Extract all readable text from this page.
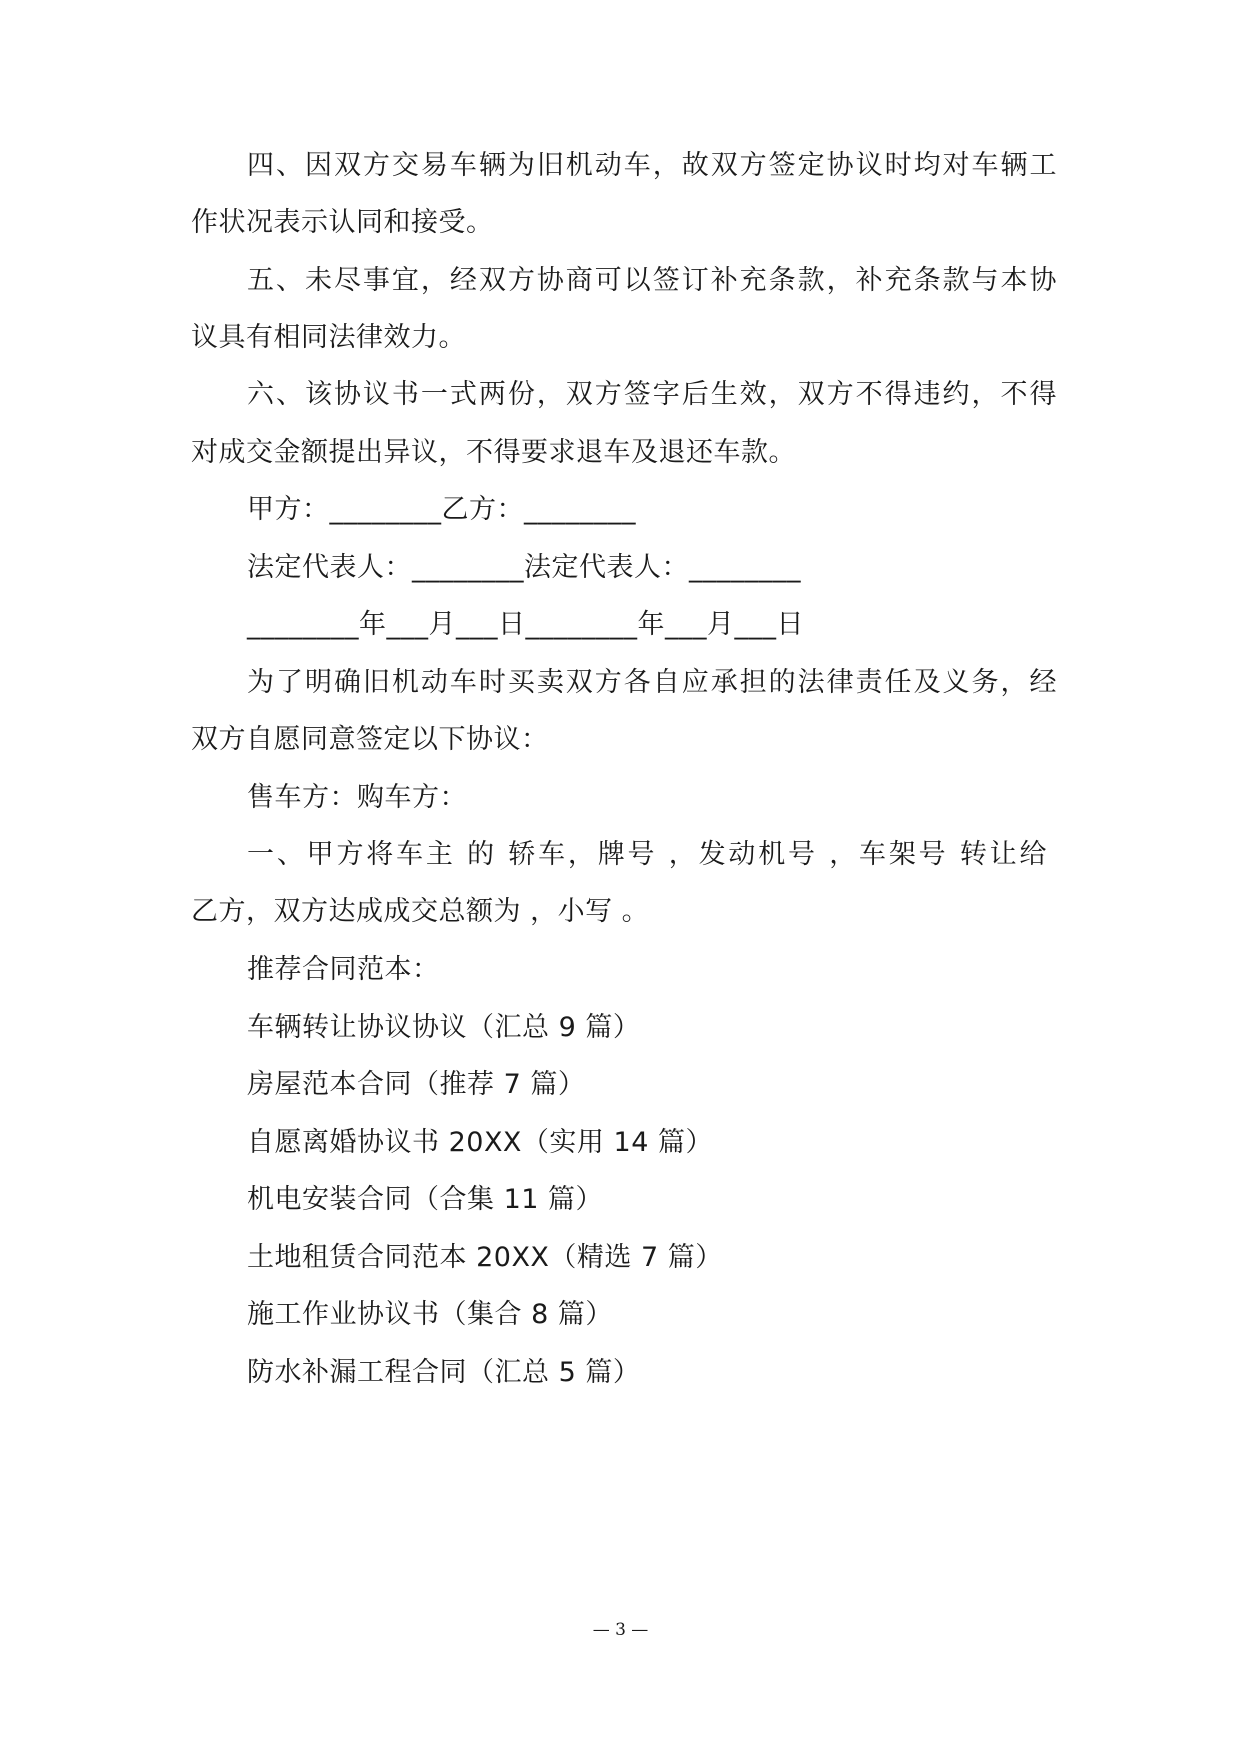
四、因双方交易车辆为旧机动车，故双方签定协议时均对车辆工
作状况表示认同和接受。
五、未尽事宜，经双方协商可以签订补充条款，补充条款与本协
议具有相同法律效力。
六、该协议书一式两份，双方签字后生效，双方不得违约，不得
对成交金额提出异议，不得要求退车及退还车款。
甲方：________乙方：________
法定代表人：________法定代表人：________
________年___月___日________年___月___日
为了明确旧机动车时买卖双方各自应承担的法律责任及义务，经
双方自愿同意签定以下协议：
售车方：购车方：
一、甲方将车主 的 轿车，牌号 ，发动机号 ，车架号 转让给
乙方，双方达成成交总额为 ，小写 。
推荐合同范本：
车辆转让协议协议（汇总 9 篇）
房屋范本合同（推荐 7 篇）
自愿离婚协议书 20XX（实用 14 篇）
机电安装合同（合集 11 篇）
土地租赁合同范本 20XX（精选 7 篇）
施工作业协议书（集合 8 篇）
防水补漏工程合同（汇总 5 篇）
— 3 —
